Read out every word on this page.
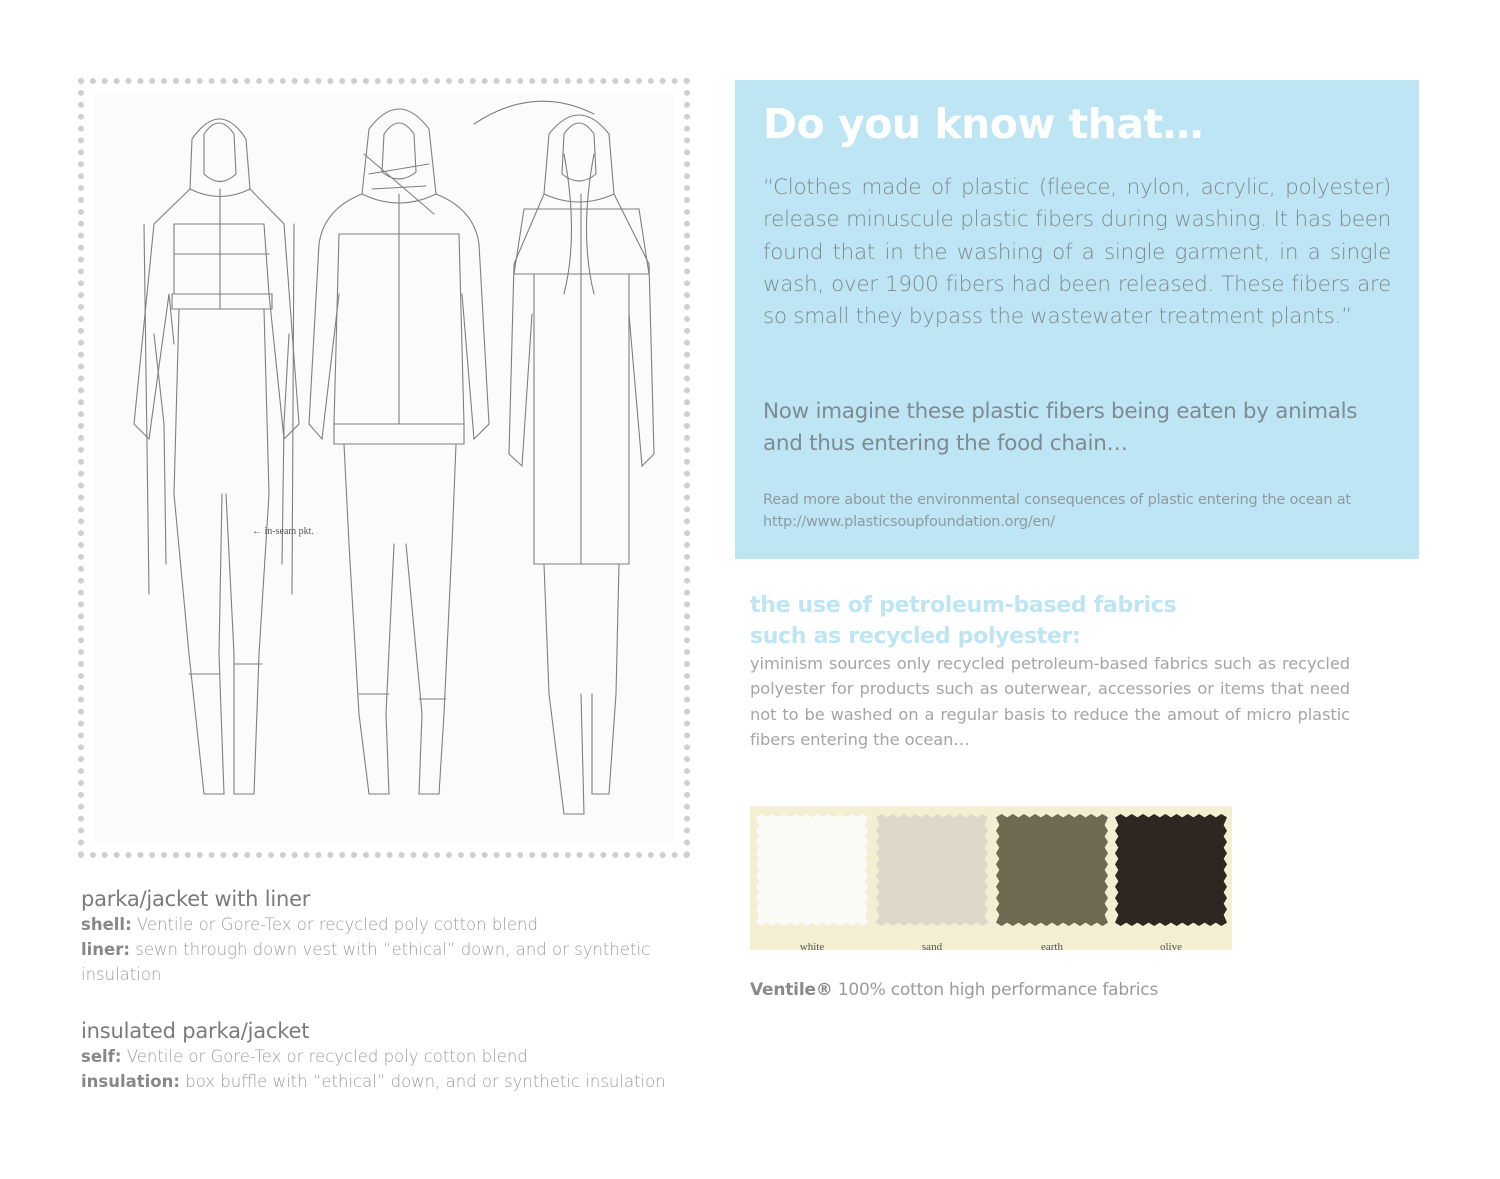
← in-seam pkt.
parka/jacket with liner
shell: Ventile or Gore-Tex or recycled poly cotton blend
liner: sewn through down vest with “ethical” down, and or synthetic insulation
insulated parka/jacket
self: Ventile or Gore-Tex or recycled poly cotton blend
insulation: box buffle with “ethical” down, and or synthetic insulation
Do you know that…
“Clothes made of plastic (fleece, nylon, acrylic, polyester) release minuscule plastic fibers during washing. It has been found that in the washing of a single garment, in a single wash, over 1900 fibers had been released. These fibers are so small they bypass the wastewater treatment plants.”
Now imagine these plastic fibers being eaten by animals and thus entering the food chain…
Read more about the environmental consequences of plastic entering the ocean at
http://www.plasticsoupfoundation.org/en/
the use of petroleum-based fabrics
such as recycled polyester:
yiminism sources only recycled petroleum-based fabrics such as recycled polyester for products such as outerwear, accessories or items that need not to be washed on a regular basis to reduce the amout of micro plastic fibers entering the ocean…
white	sand	earth	olive
Ventile® 100% cotton high performance fabrics
